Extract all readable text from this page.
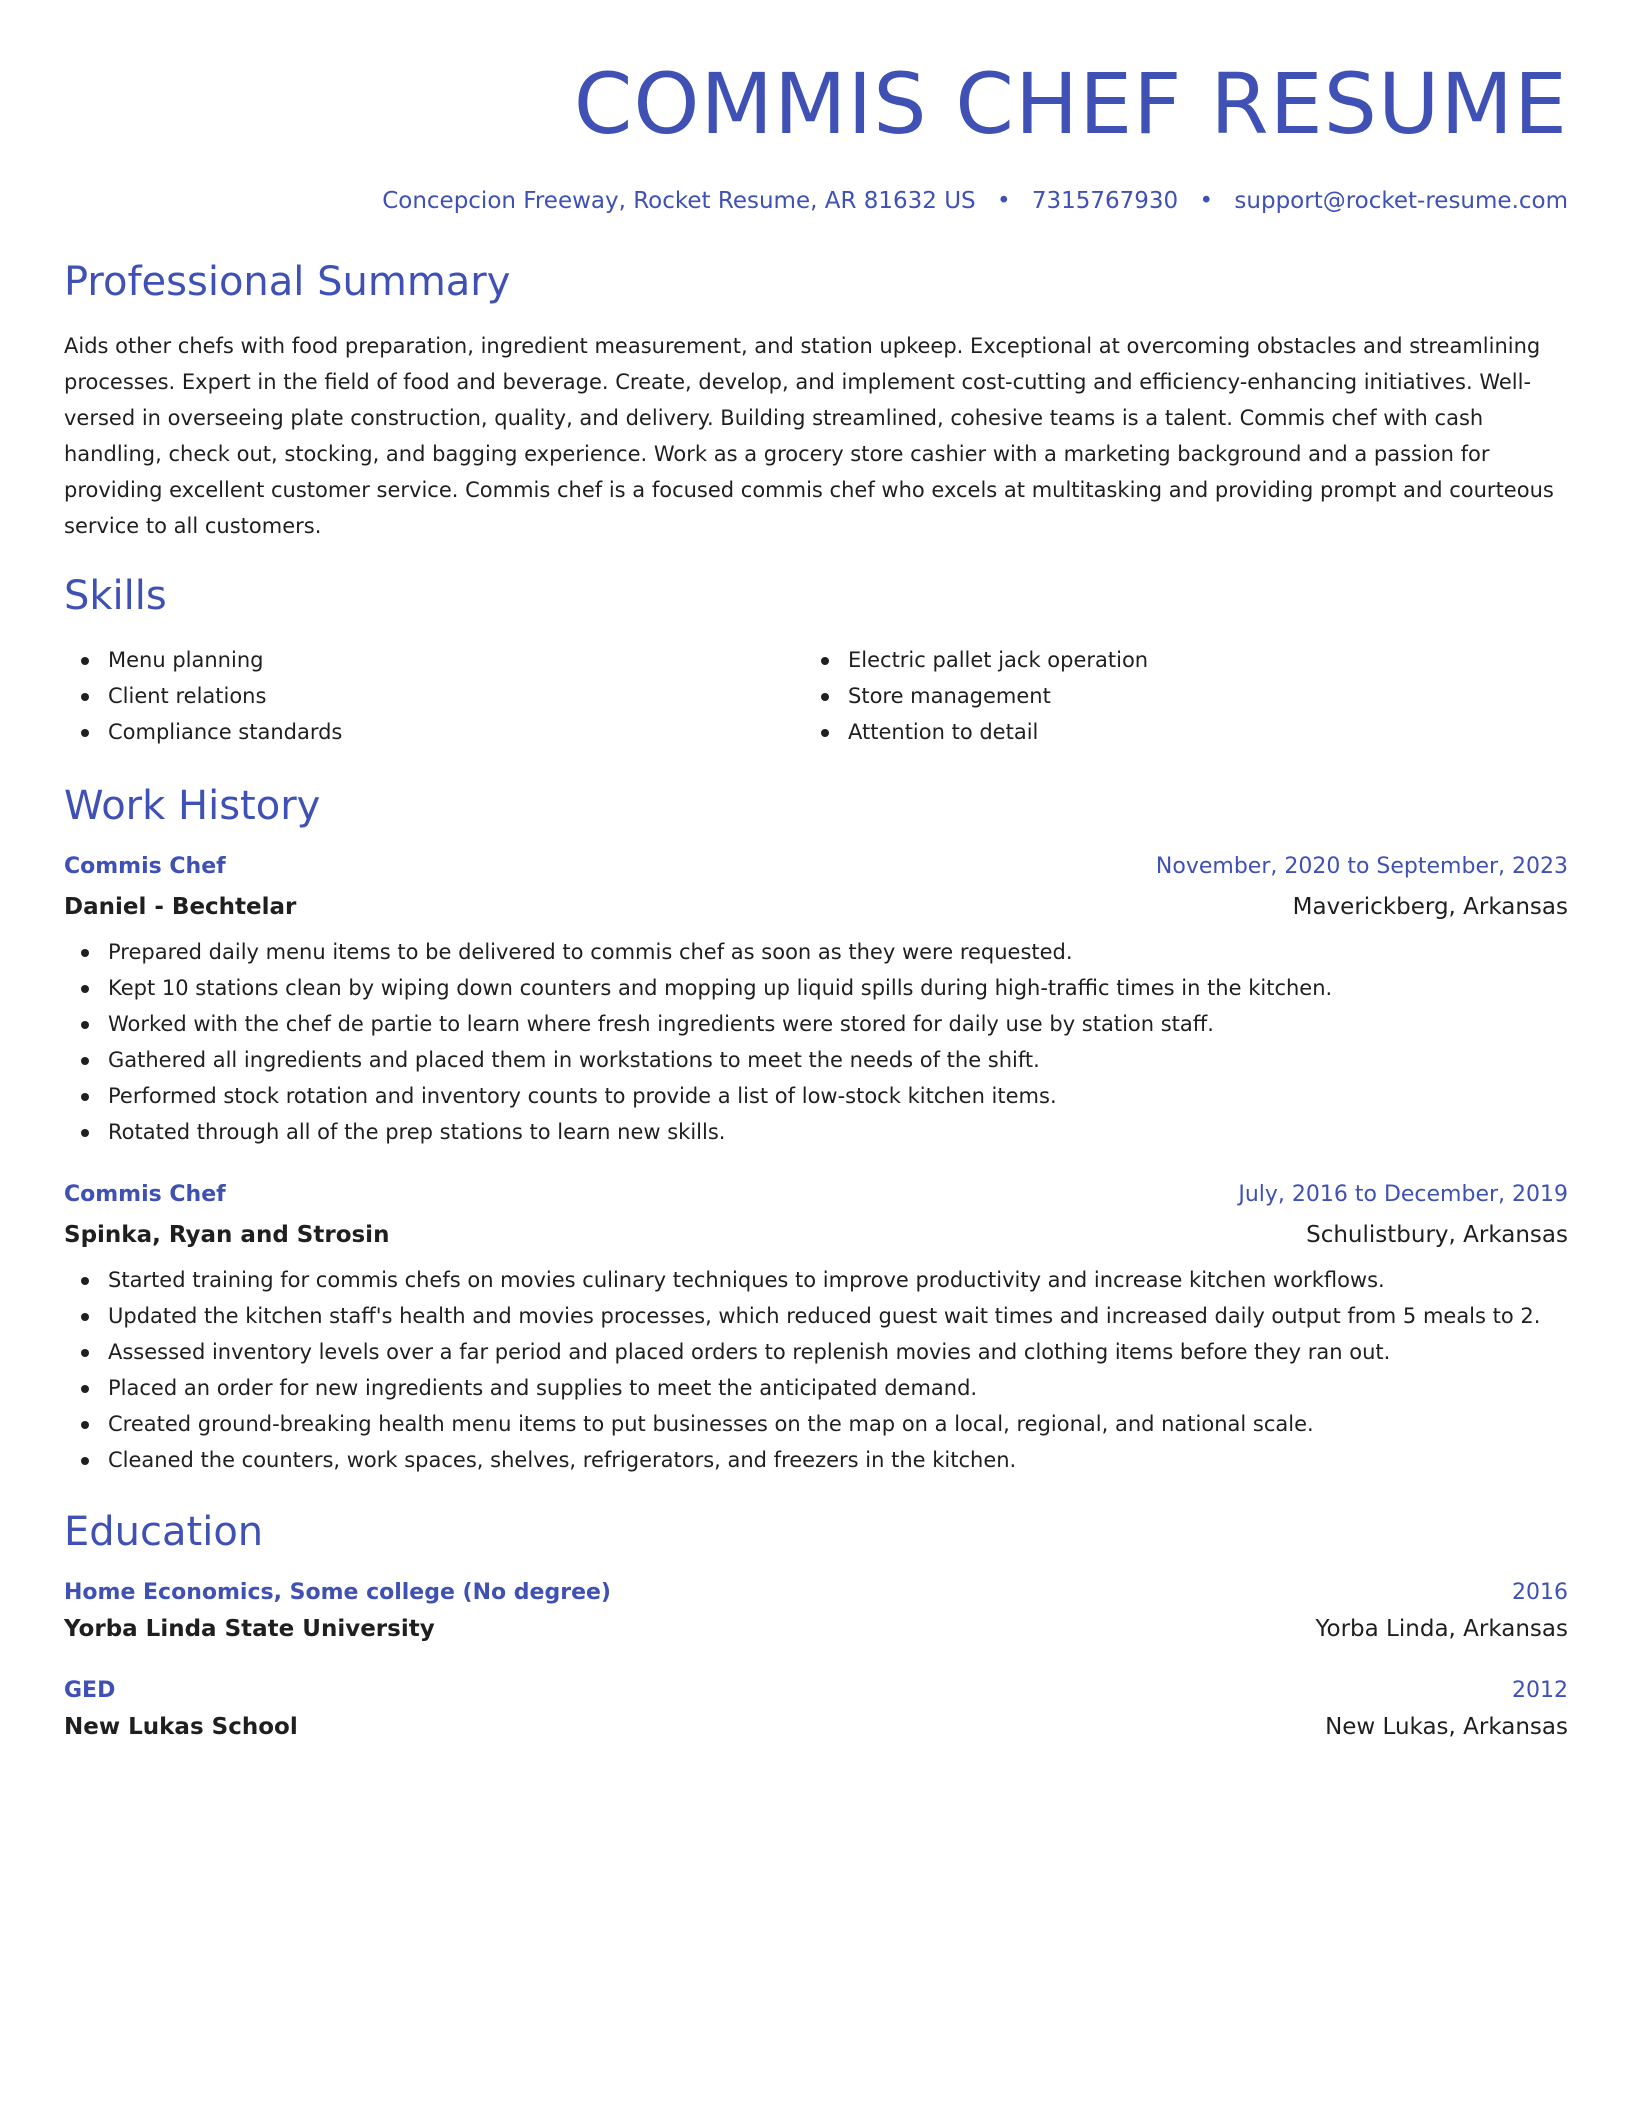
COMMIS CHEF RESUME
Concepcion Freeway, Rocket Resume, AR 81632 US • 7315767930 • support@rocket-resume.com
Professional Summary
Aids other chefs with food preparation, ingredient measurement, and station upkeep. Exceptional at overcoming obstacles and streamlining processes. Expert in the field of food and beverage. Create, develop, and implement cost-cutting and efficiency-enhancing initiatives. Well-versed in overseeing plate construction, quality, and delivery. Building streamlined, cohesive teams is a talent. Commis chef with cash handling, check out, stocking, and bagging experience. Work as a grocery store cashier with a marketing background and a passion for providing excellent customer service. Commis chef is a focused commis chef who excels at multitasking and providing prompt and courteous service to all customers.
Skills
Menu planning
Client relations
Compliance standards
Electric pallet jack operation
Store management
Attention to detail
Work History
Commis Chef	November, 2020 to September, 2023
Daniel - Bechtelar	Maverickberg, Arkansas
Prepared daily menu items to be delivered to commis chef as soon as they were requested.
Kept 10 stations clean by wiping down counters and mopping up liquid spills during high-traffic times in the kitchen.
Worked with the chef de partie to learn where fresh ingredients were stored for daily use by station staff.
Gathered all ingredients and placed them in workstations to meet the needs of the shift.
Performed stock rotation and inventory counts to provide a list of low-stock kitchen items.
Rotated through all of the prep stations to learn new skills.
Commis Chef	July, 2016 to December, 2019
Spinka, Ryan and Strosin	Schulistbury, Arkansas
Started training for commis chefs on movies culinary techniques to improve productivity and increase kitchen workflows.
Updated the kitchen staff's health and movies processes, which reduced guest wait times and increased daily output from 5 meals to 2.
Assessed inventory levels over a far period and placed orders to replenish movies and clothing items before they ran out.
Placed an order for new ingredients and supplies to meet the anticipated demand.
Created ground-breaking health menu items to put businesses on the map on a local, regional, and national scale.
Cleaned the counters, work spaces, shelves, refrigerators, and freezers in the kitchen.
Education
Home Economics, Some college (No degree)	2016
Yorba Linda State University	Yorba Linda, Arkansas
GED	2012
New Lukas School	New Lukas, Arkansas
